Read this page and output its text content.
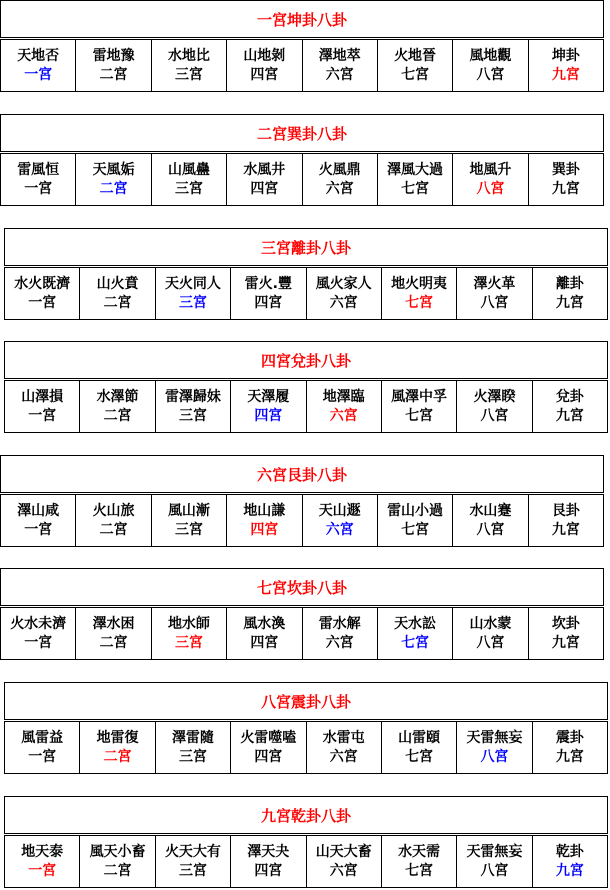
一宮坤卦八卦
天地否
一宮
雷地豫
二宮
水地比
三宮
山地剝
四宮
澤地萃
六宮
火地晉
七宮
風地觀
八宮
坤卦
九宮
二宮巽卦八卦
雷風恒
一宮
天風姤
二宮
山風蠱
三宮
水風井
四宮
火風鼎
六宮
澤風大過
七宮
地風升
八宮
巽卦
九宮
三宮離卦八卦
水火既濟
一宮
山火賁
二宮
天火同人
三宮
雷火.豐
四宮
風火家人
六宮
地火明夷
七宮
澤火革
八宮
離卦
九宮
四宮兌卦八卦
山澤損
一宮
水澤節
二宮
雷澤歸妹
三宮
天澤履
四宮
地澤臨
六宮
風澤中孚
七宮
火澤睽
八宮
兌卦
九宮
六宮艮卦八卦
澤山咸
一宮
火山旅
二宮
風山漸
三宮
地山謙
四宮
天山遯
六宮
雷山小過
七宮
水山蹇
八宮
艮卦
九宮
七宮坎卦八卦
火水未濟
一宮
澤水困
二宮
地水師
三宮
風水渙
四宮
雷水解
六宮
天水訟
七宮
山水蒙
八宮
坎卦
九宮
八宮震卦八卦
風雷益
一宮
地雷復
二宮
澤雷隨
三宮
火雷噬嗑
四宮
水雷屯
六宮
山雷頤
七宮
天雷無妄
八宮
震卦
九宮
九宮乾卦八卦
地天泰
一宮
風天小畜
二宮
火天大有
三宮
澤天夬
四宮
山天大畜
六宮
水天需
七宮
天雷無妄
八宮
乾卦
九宮
